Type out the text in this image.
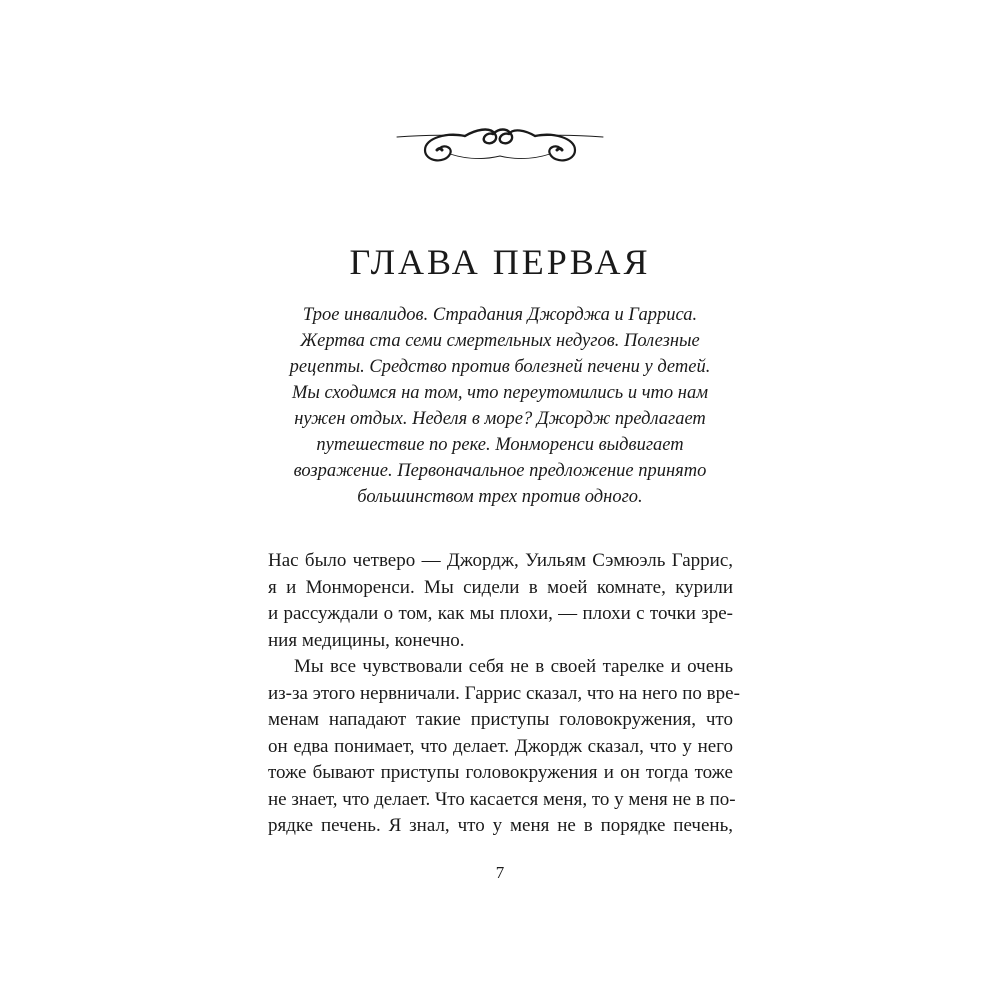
ГЛАВА ПЕРВАЯ
Трое инвалидов. Страдания Джорджа и Гарриса.
Жертва ста семи смертельных недугов. Полезные
рецепты. Средство против болезней печени у детей.
Мы сходимся на том, что переутомились и что нам
нужен отдых. Неделя в море? Джордж предлагает
путешествие по реке. Монморенси выдвигает
возражение. Первоначальное предложение принято
большинством трех против одного.
Нас было четверо — Джордж, Уильям Сэмюэль Гаррис,
я и Монморенси. Мы сидели в моей комнате, курили
и рассуждали о том, как мы плохи, — плохи с точки зре-
ния медицины, конечно.
Мы все чувствовали себя не в своей тарелке и очень
из-за этого нервничали. Гаррис сказал, что на него по вре-
менам нападают такие приступы головокружения, что
он едва понимает, что делает. Джордж сказал, что у него
тоже бывают приступы головокружения и он тогда тоже
не знает, что делает. Что касается меня, то у меня не в по-
рядке печень. Я знал, что у меня не в порядке печень,
7
